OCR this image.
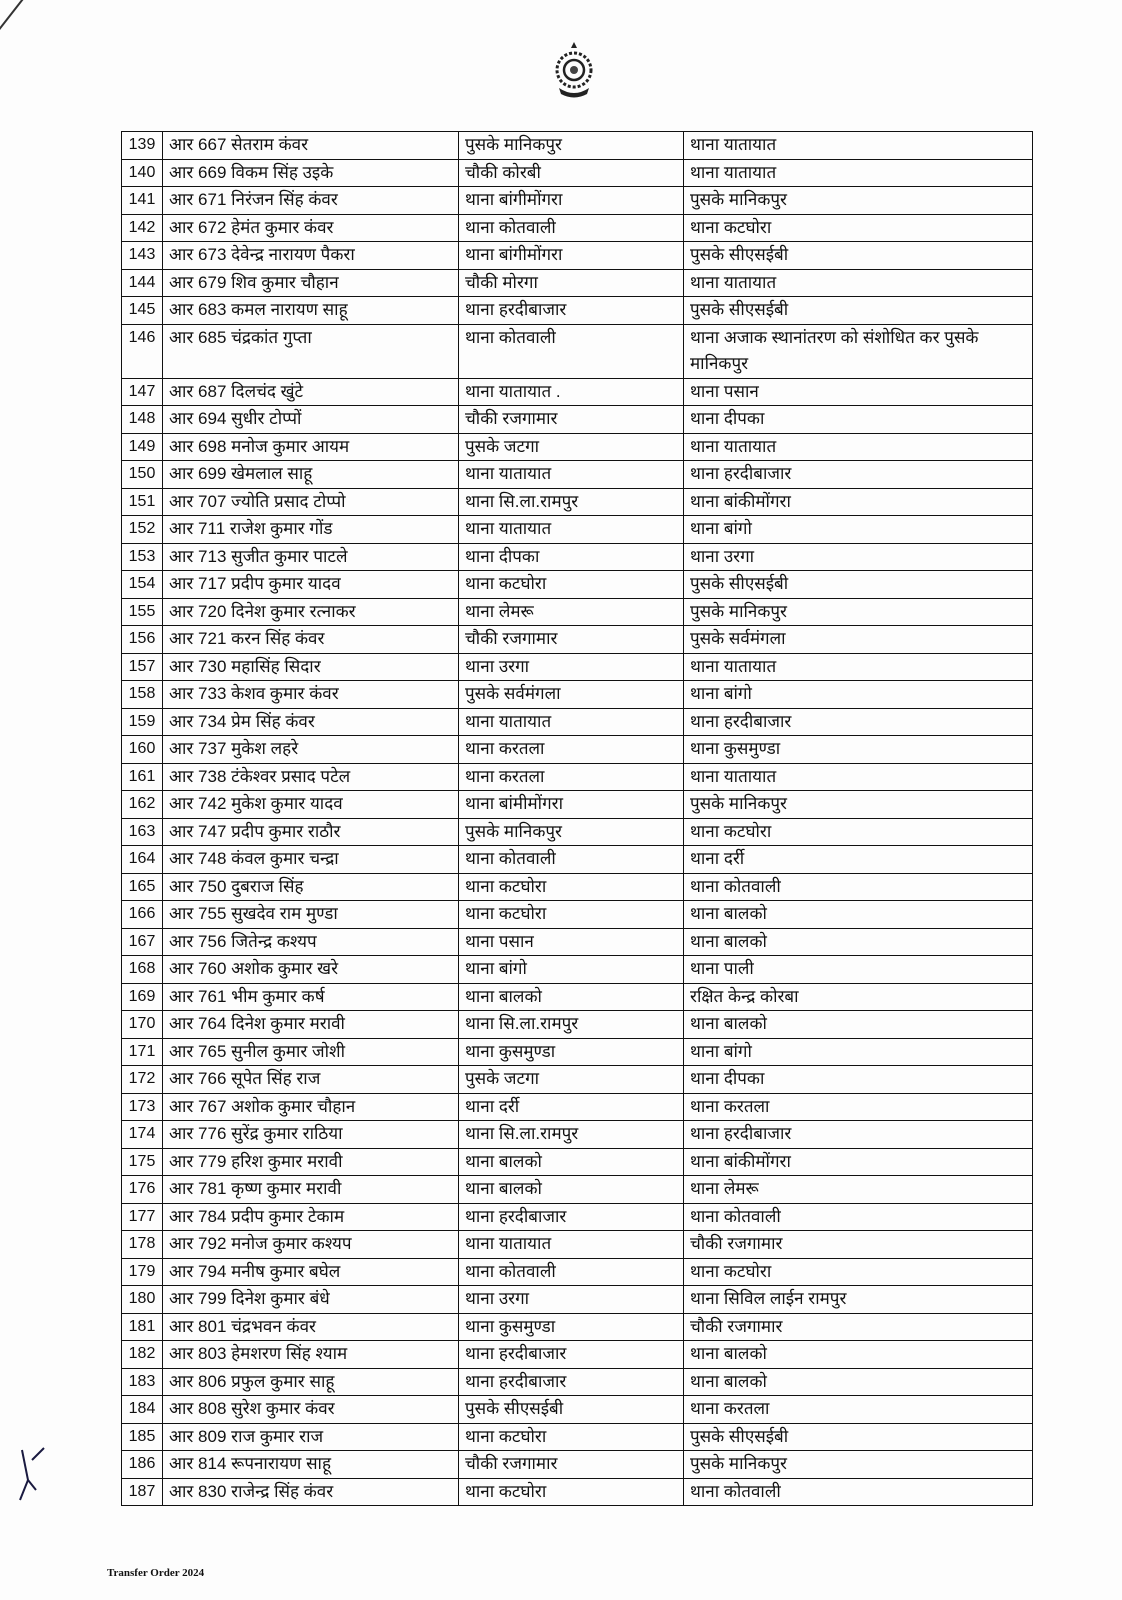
139	आर 667 सेतराम कंवर	पुसके मानिकपुर	थाना यातायात
140	आर 669 विकम सिंह उइके	चौकी कोरबी	थाना यातायात
141	आर 671 निरंजन सिंह कंवर	थाना बांगीमोंगरा	पुसके मानिकपुर
142	आर 672 हेमंत कुमार कंवर	थाना कोतवाली	थाना कटघोरा
143	आर 673 देवेन्द्र नारायण पैकरा	थाना बांगीमोंगरा	पुसके सीएसईबी
144	आर 679 शिव कुमार चौहान	चौकी मोरगा	थाना यातायात
145	आर 683 कमल नारायण साहू	थाना हरदीबाजार	पुसके सीएसईबी
146	आर 685 चंद्रकांत गुप्ता	थाना कोतवाली	थाना अजाक स्थानांतरण को संशोधित कर पुसके मानिकपुर
147	आर 687 दिलचंद खुंटे	थाना यातायात .	थाना पसान
148	आर 694 सुधीर टोप्पों	चौकी रजगामार	थाना दीपका
149	आर 698 मनोज कुमार आयम	पुसके जटगा	थाना यातायात
150	आर 699 खेमलाल साहू	थाना यातायात	थाना हरदीबाजार
151	आर 707 ज्योति प्रसाद टोप्पो	थाना सि.ला.रामपुर	थाना बांकीमोंगरा
152	आर 711 राजेश कुमार गोंड	थाना यातायात	थाना बांगो
153	आर 713 सुजीत कुमार पाटले	थाना दीपका	थाना उरगा
154	आर 717 प्रदीप कुमार यादव	थाना कटघोरा	पुसके सीएसईबी
155	आर 720 दिनेश कुमार रत्नाकर	थाना लेमरू	पुसके मानिकपुर
156	आर 721 करन सिंह कंवर	चौकी रजगामार	पुसके सर्वमंगला
157	आर 730 महासिंह सिदार	थाना उरगा	थाना यातायात
158	आर 733 केशव कुमार कंवर	पुसके सर्वमंगला	थाना बांगो
159	आर 734 प्रेम सिंह कंवर	थाना यातायात	थाना हरदीबाजार
160	आर 737 मुकेश लहरे	थाना करतला	थाना कुसमुण्डा
161	आर 738 टंकेश्वर प्रसाद पटेल	थाना करतला	थाना यातायात
162	आर 742 मुकेश कुमार यादव	थाना बांमीमोंगरा	पुसके मानिकपुर
163	आर 747 प्रदीप कुमार राठौर	पुसके मानिकपुर	थाना कटघोरा
164	आर 748 कंवल कुमार चन्द्रा	थाना कोतवाली	थाना दर्री
165	आर 750 दुबराज सिंह	थाना कटघोरा	थाना कोतवाली
166	आर 755 सुखदेव राम मुण्डा	थाना कटघोरा	थाना बालको
167	आर 756 जितेन्द्र कश्यप	थाना पसान	थाना बालको
168	आर 760 अशोक कुमार खरे	थाना बांगो	थाना पाली
169	आर 761 भीम कुमार कर्ष	थाना बालको	रक्षित केन्द्र कोरबा
170	आर 764 दिनेश कुमार मरावी	थाना सि.ला.रामपुर	थाना बालको
171	आर 765 सुनील कुमार जोशी	थाना कुसमुण्डा	थाना बांगो
172	आर 766 सूपेत सिंह राज	पुसके जटगा	थाना दीपका
173	आर 767 अशोक कुमार चौहान	थाना दर्री	थाना करतला
174	आर 776 सुरेंद्र कुमार राठिया	थाना सि.ला.रामपुर	थाना हरदीबाजार
175	आर 779 हरिश कुमार मरावी	थाना बालको	थाना बांकीमोंगरा
176	आर 781 कृष्ण कुमार मरावी	थाना बालको	थाना लेमरू
177	आर 784 प्रदीप कुमार टेकाम	थाना हरदीबाजार	थाना कोतवाली
178	आर 792 मनोज कुमार कश्यप	थाना यातायात	चौकी रजगामार
179	आर 794 मनीष कुमार बघेल	थाना कोतवाली	थाना कटघोरा
180	आर 799 दिनेश कुमार बंधे	थाना उरगा	थाना सिविल लाईन रामपुर
181	आर 801 चंद्रभवन कंवर	थाना कुसमुण्डा	चौकी रजगामार
182	आर 803 हेमशरण सिंह श्याम	थाना हरदीबाजार	थाना बालको
183	आर 806 प्रफुल कुमार साहू	थाना हरदीबाजार	थाना बालको
184	आर 808 सुरेश कुमार कंवर	पुसके सीएसईबी	थाना करतला
185	आर 809 राज कुमार राज	थाना कटघोरा	पुसके सीएसईबी
186	आर 814 रूपनारायण साहू	चौकी रजगामार	पुसके मानिकपुर
187	आर 830 राजेन्द्र सिंह कंवर	थाना कटघोरा	थाना कोतवाली
Transfer Order 2024
